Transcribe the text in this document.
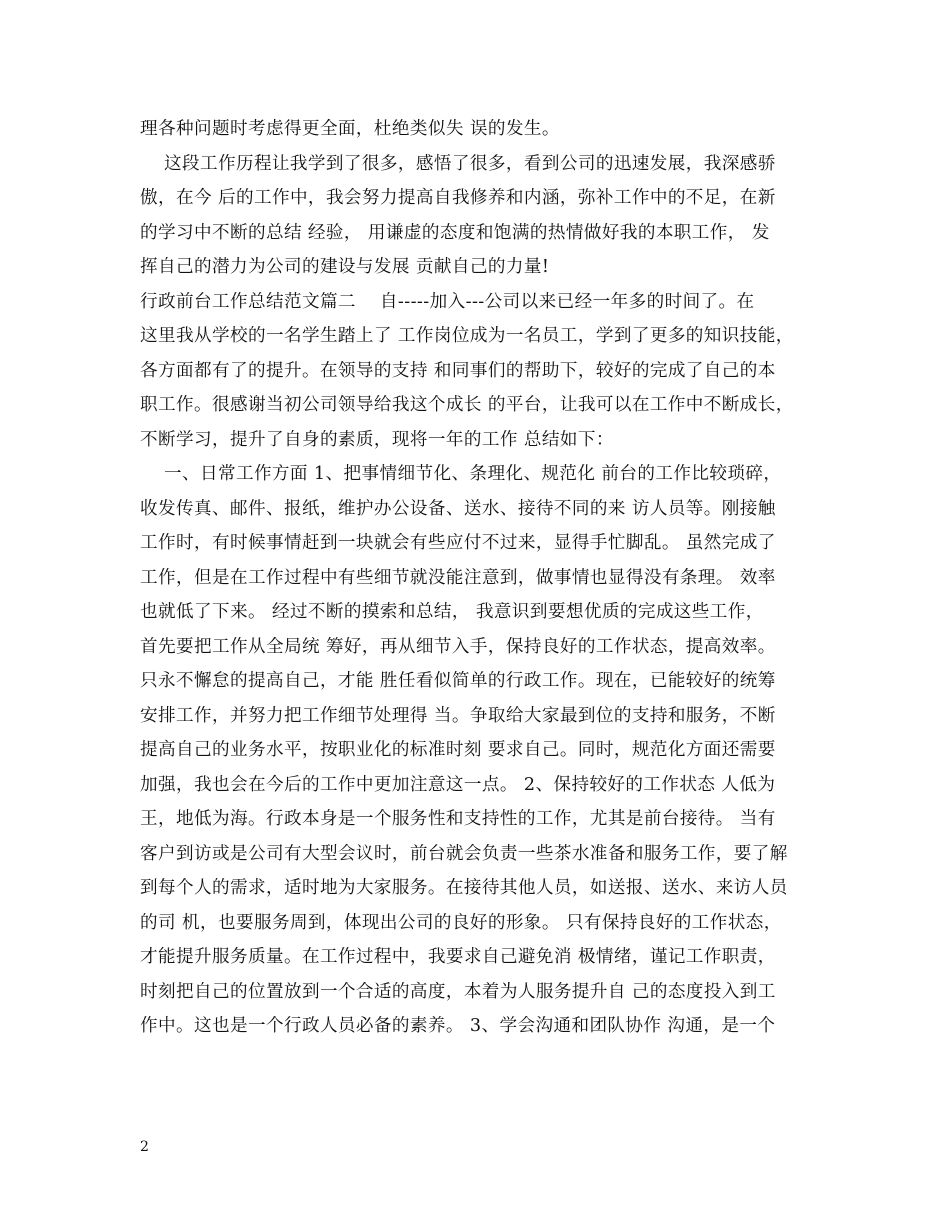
理各种问题时考虑得更全面，杜绝类似失 误的发生。
这段工作历程让我学到了很多，感悟了很多，看到公司的迅速发展，我深感骄
傲，在今 后的工作中，我会努力提高自我修养和内涵，弥补工作中的不足，在新
的学习中不断的总结 经验， 用谦虚的态度和饱满的热情做好我的本职工作， 发
挥自己的潜力为公司的建设与发展 贡献自己的力量!
行政前台工作总结范文篇二    自-----加入---公司以来已经一年多的时间了。在
这里我从学校的一名学生踏上了 工作岗位成为一名员工，学到了更多的知识技能，
各方面都有了的提升。在领导的支持 和同事们的帮助下，较好的完成了自己的本
职工作。很感谢当初公司领导给我这个成长 的平台，让我可以在工作中不断成长，
不断学习，提升了自身的素质，现将一年的工作 总结如下：
一、日常工作方面 1、把事情细节化、条理化、规范化 前台的工作比较琐碎，
收发传真、邮件、报纸，维护办公设备、送水、接待不同的来 访人员等。刚接触
工作时，有时候事情赶到一块就会有些应付不过来，显得手忙脚乱。 虽然完成了
工作，但是在工作过程中有些细节就没能注意到，做事情也显得没有条理。 效率
也就低了下来。 经过不断的摸索和总结， 我意识到要想优质的完成这些工作，
首先要把工作从全局统 筹好，再从细节入手，保持良好的工作状态，提高效率。
只永不懈怠的提高自己，才能 胜任看似简单的行政工作。现在，已能较好的统筹
安排工作，并努力把工作细节处理得 当。争取给大家最到位的支持和服务，不断
提高自己的业务水平，按职业化的标准时刻 要求自己。同时，规范化方面还需要
加强，我也会在今后的工作中更加注意这一点。 2、保持较好的工作状态 人低为
王，地低为海。行政本身是一个服务性和支持性的工作，尤其是前台接待。 当有
客户到访或是公司有大型会议时，前台就会负责一些茶水准备和服务工作，要了解
到每个人的需求，适时地为大家服务。在接待其他人员，如送报、送水、来访人员
的司 机，也要服务周到，体现出公司的良好的形象。 只有保持良好的工作状态，
才能提升服务质量。在工作过程中，我要求自己避免消 极情绪，谨记工作职责，
时刻把自己的位置放到一个合适的高度，本着为人服务提升自 己的态度投入到工
作中。这也是一个行政人员必备的素养。 3、学会沟通和团队协作 沟通，是一个
2
